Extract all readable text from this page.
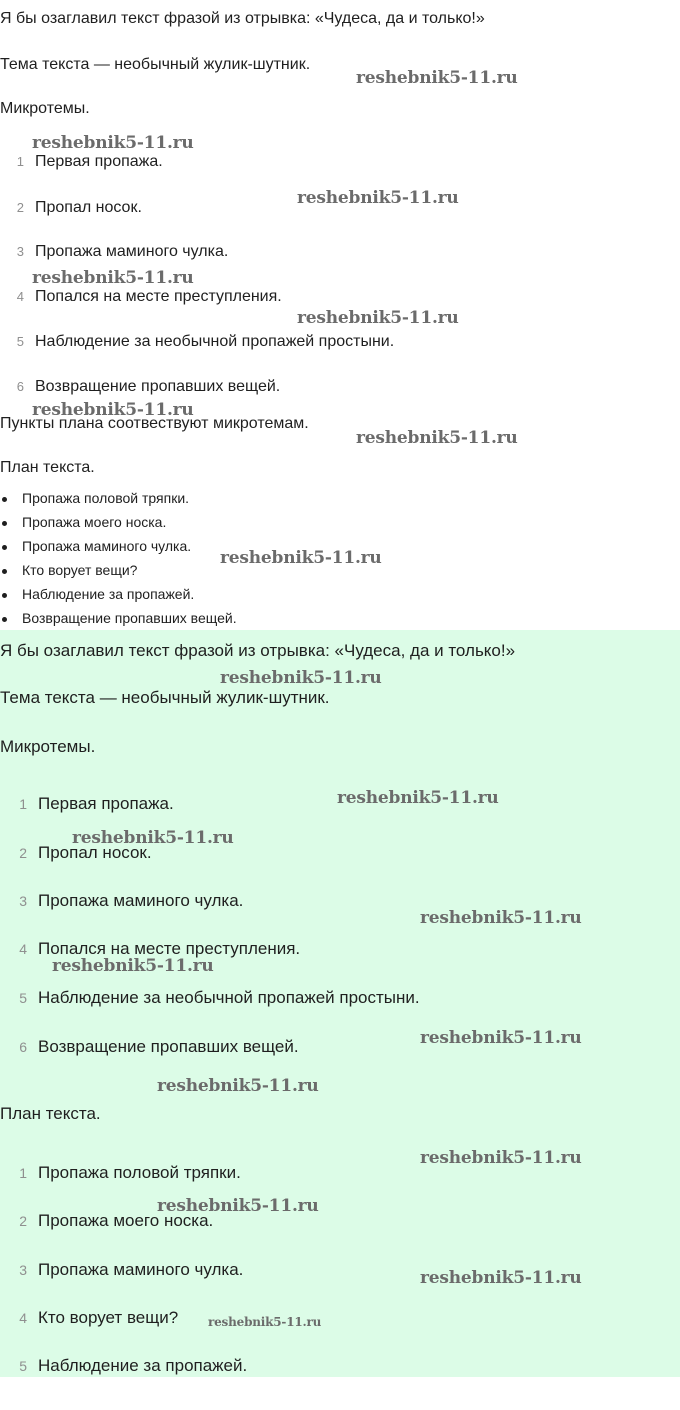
Я бы озаглавил текст фразой из отрывка: «Чудеса, да и только!»

Тема текста — необычный жулик-шутник.

Микротемы.

1 Первая пропажа.
2 Пропал носок.
3 Пропажа маминого чулка.
4 Попался на месте преступления.
5 Наблюдение за необычной пропажей простыни.
6 Возвращение пропавших вещей.

Пункты плана соотвествуют микротемам.

План текста.

Пропажа половой тряпки.
Пропажа моего носка.
Пропажа маминого чулка.
Кто ворует вещи?
Наблюдение за пропажей.
Возвращение пропавших вещей.
reshebnik5-11.ru
reshebnik5-11.ru
reshebnik5-11.ru
reshebnik5-11.ru
reshebnik5-11.ru
reshebnik5-11.ru
reshebnik5-11.ru
reshebnik5-11.ru

Я бы озаглавил текст фразой из отрывка: «Чудеса, да и только!»

Тема текста — необычный жулик-шутник.

Микротемы.

1 Первая пропажа.
2 Пропал носок.
3 Пропажа маминого чулка.
4 Попался на месте преступления.
5 Наблюдение за необычной пропажей простыни.
6 Возвращение пропавших вещей.

План текста.

1 Пропажа половой тряпки.
2 Пропажа моего носка.
3 Пропажа маминого чулка.
4 Кто ворует вещи?
5 Наблюдение за пропажей.
reshebnik5-11.ru
reshebnik5-11.ru
reshebnik5-11.ru
reshebnik5-11.ru
reshebnik5-11.ru
reshebnik5-11.ru
reshebnik5-11.ru
reshebnik5-11.ru
reshebnik5-11.ru
reshebnik5-11.ru
reshebnik5-11.ru
